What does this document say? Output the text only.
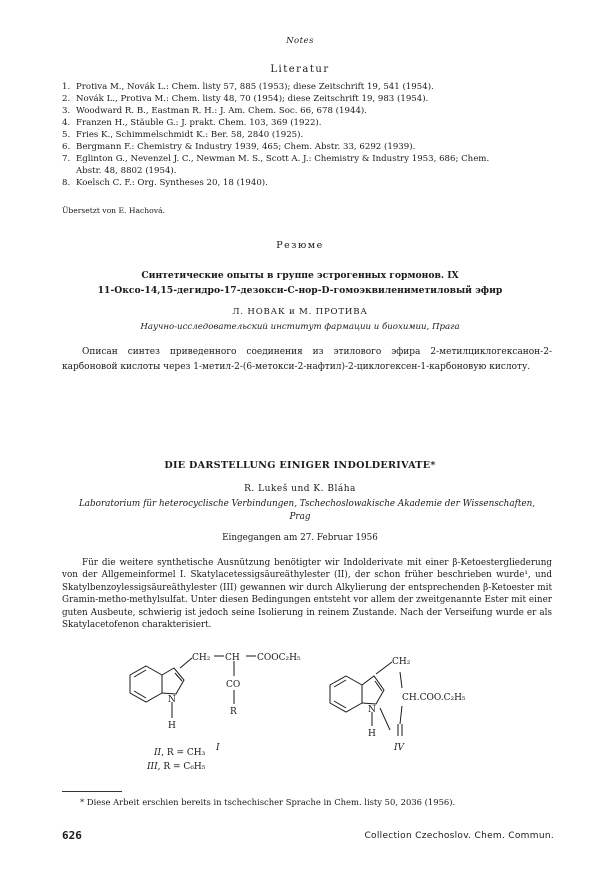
Notes
Literatur
1. Protiva M., Novák L.: Chem. listy 57, 885 (1953); diese Zeitschrift 19, 541 (1954).
2. Novák L., Protiva M.: Chem. listy 48, 70 (1954); diese Zeitschrift 19, 983 (1954).
3. Woodward R. B., Eastman R. H.: J. Am. Chem. Soc. 66, 678 (1944).
4. Franzen H., Stäuble G.: J. prakt. Chem. 103, 369 (1922).
5. Fries K., Schimmelschmidt K.: Ber. 58, 2840 (1925).
6. Bergmann F.: Chemistry & Industry 1939, 465; Chem. Abstr. 33, 6292 (1939).
7. Eglinton G., Nevenzel J. C., Newman M. S., Scott A. J.: Chemistry & Industry 1953, 686; Chem.
Abstr. 48, 8802 (1954).
8. Koelsch C. F.: Org. Syntheses 20, 18 (1940).
Übersetzt von E. Hachová.
Резюме
Синтетические опыты в группе эстрогенных гормонов. IX
11-Оксо-14,15-дегидро-17-дезокси-С-нор-D-гомоэквилениметиловый эфир
Л. НОВАК и М. ПРОТИВА
Научно-исследовательский институт фармации и биохимии, Прага

Описан синтез приведенного соединения из этилового эфира 2-метилциклогексанон-2-карбоновой кислоты через 1-метил-2-(6-метокси-2-нафтил)-2-циклогексен-1-карбоновую кислоту.

DIE DARSTELLUNG EINIGER INDOLDERIVATE*
R. Lukeš und K. Bláha
Laboratorium für heterocyclische Verbindungen, Tschechoslowakische Akademie der Wissenschaften,
Prag
Eingegangen am 27. Februar 1956

Für die weitere synthetische Ausnützung benötigter wir Indolderivate mit einer β-Ketoestergliederung von der Allgemeinformel I. Skatylacetessigsäureäthylester (II), der schon früher beschrieben wurde¹, und Skatylbenzoylessigsäureäthylester (III) gewannen wir durch Alkylierung der entsprechenden β-Ketoester mit Gramin-metho-methylsulfat. Unter diesen Bedingungen entsteht vor allem der zweitgenannte Ester mit einer guten Ausbeute, schwierig ist jedoch seine Isolierung in reinem Zustande. Nach der Verseifung wurde er als Skatylacetofenon charakterisiert.

CH₂ CH COOC₂H₅
CO
R
N
H
I
CH₂
CH.COO.C₂H₅
N
H
IV
II, R = CH₃
III, R = C₆H₅
* Diese Arbeit erschien bereits in tschechischer Sprache in Chem. listy 50, 2036 (1956).
626	Collection Czechoslov. Chem. Commun.
